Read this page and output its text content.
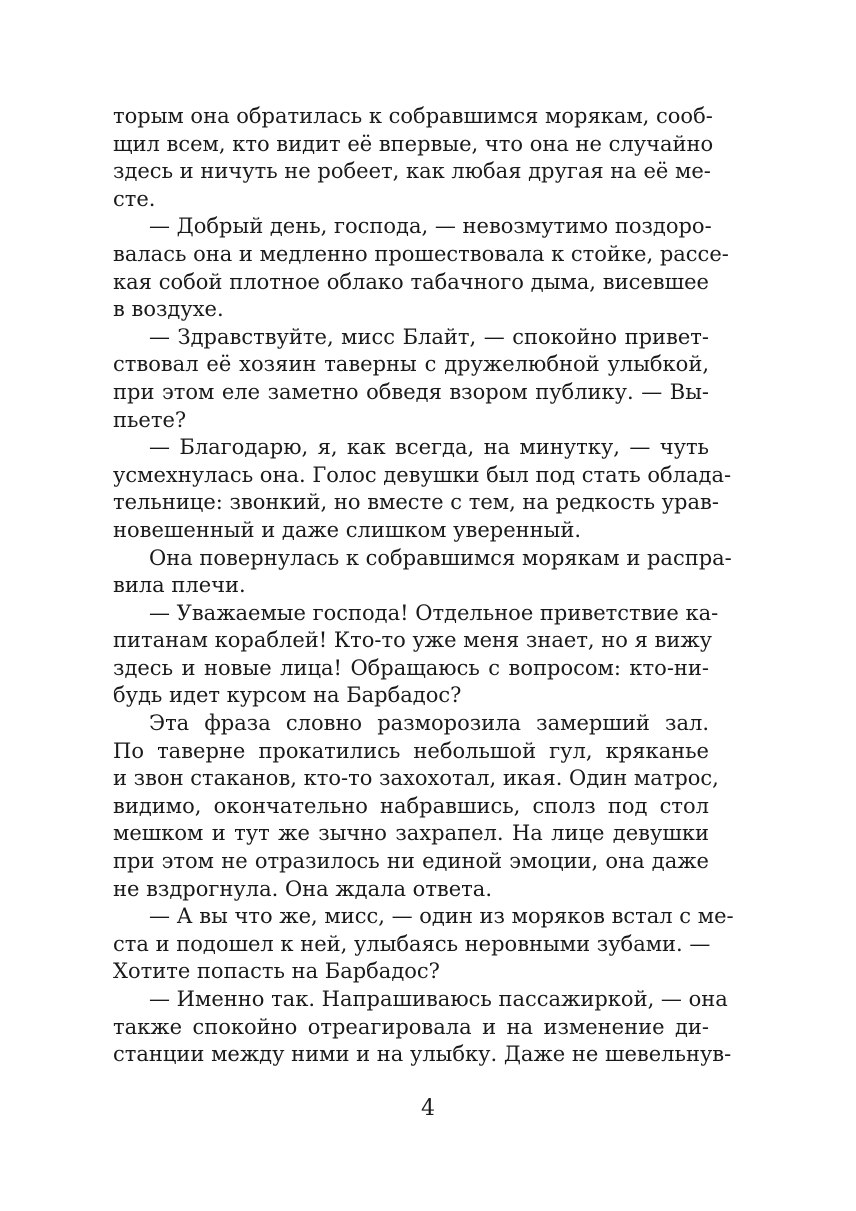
торым она обратилась к собравшимся морякам, сооб-
щил всем, кто видит её впервые, что она не случайно
здесь и ничуть не робеет, как любая другая на её ме-
сте.

— Добрый день, господа, — невозмутимо поздоро-
валась она и медленно прошествовала к стойке, рассе-
кая собой плотное облако табачного дыма, висевшее
в воздухе.

— Здравствуйте, мисс Блайт, — спокойно привет-
ствовал её хозяин таверны с дружелюбной улыбкой,
при этом еле заметно обведя взором публику. — Вы-
пьете?

— Благодарю, я, как всегда, на минутку, — чуть
усмехнулась она. Голос девушки был под стать облада-
тельнице: звонкий, но вместе с тем, на редкость урав-
новешенный и даже слишком уверенный.

Она повернулась к собравшимся морякам и распра-
вила плечи.

— Уважаемые господа! Отдельное приветствие ка-
питанам кораблей! Кто-то уже меня знает, но я вижу
здесь и новые лица! Обращаюсь с вопросом: кто-ни-
будь идет курсом на Барбадос?

Эта фраза словно разморозила замерший зал.
По таверне прокатились небольшой гул, кряканье
и звон стаканов, кто-то захохотал, икая. Один матрос,
видимо, окончательно набравшись, сполз под стол
мешком и тут же зычно захрапел. На лице девушки
при этом не отразилось ни единой эмоции, она даже
не вздрогнула. Она ждала ответа.

— А вы что же, мисс, — один из моряков встал с ме-
ста и подошел к ней, улыбаясь неровными зубами. —
Хотите попасть на Барбадос?

— Именно так. Напрашиваюсь пассажиркой, — она
также спокойно отреагировала и на изменение ди-
станции между ними и на улыбку. Даже не шевельнув-

4
